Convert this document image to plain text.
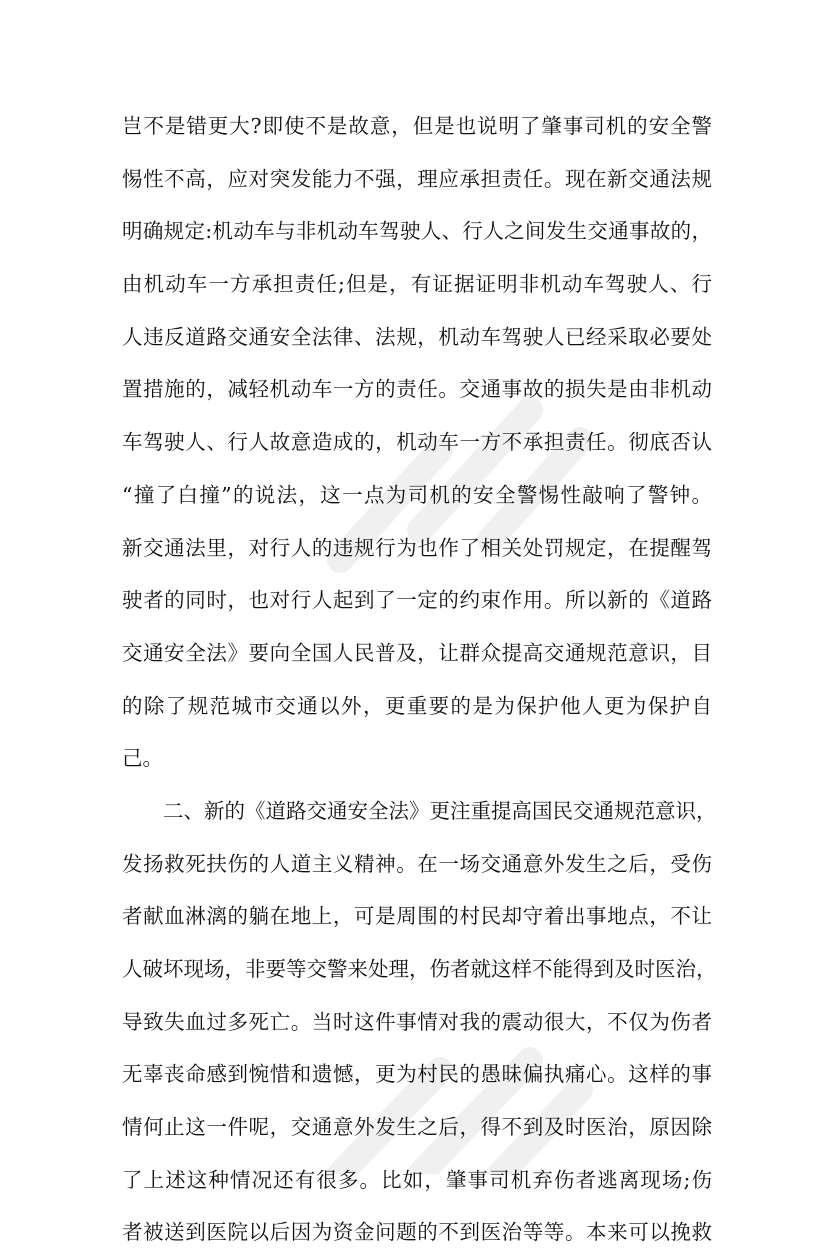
岂不是错更大?即使不是故意，但是也说明了肇事司机的安全警
惕性不高，应对突发能力不强，理应承担责任。现在新交通法规
明确规定:机动车与非机动车驾驶人、行人之间发生交通事故的，
由机动车一方承担责任;但是，有证据证明非机动车驾驶人、行
人违反道路交通安全法律、法规，机动车驾驶人已经采取必要处
置措施的，减轻机动车一方的责任。交通事故的损失是由非机动
车驾驶人、行人故意造成的，机动车一方不承担责任。彻底否认
“撞了白撞”的说法，这一点为司机的安全警惕性敲响了警钟。
新交通法里，对行人的违规行为也作了相关处罚规定，在提醒驾
驶者的同时，也对行人起到了一定的约束作用。所以新的《道路
交通安全法》要向全国人民普及，让群众提高交通规范意识，目
的除了规范城市交通以外，更重要的是为保护他人更为保护自
己。
二、新的《道路交通安全法》更注重提高国民交通规范意识，
发扬救死扶伤的人道主义精神。在一场交通意外发生之后，受伤
者献血淋漓的躺在地上，可是周围的村民却守着出事地点，不让
人破坏现场，非要等交警来处理，伤者就这样不能得到及时医治，
导致失血过多死亡。当时这件事情对我的震动很大，不仅为伤者
无辜丧命感到惋惜和遗憾，更为村民的愚昧偏执痛心。这样的事
情何止这一件呢，交通意外发生之后，得不到及时医治，原因除
了上述这种情况还有很多。比如，肇事司机弃伤者逃离现场;伤
者被送到医院以后因为资金问题的不到医治等等。本来可以挽救
